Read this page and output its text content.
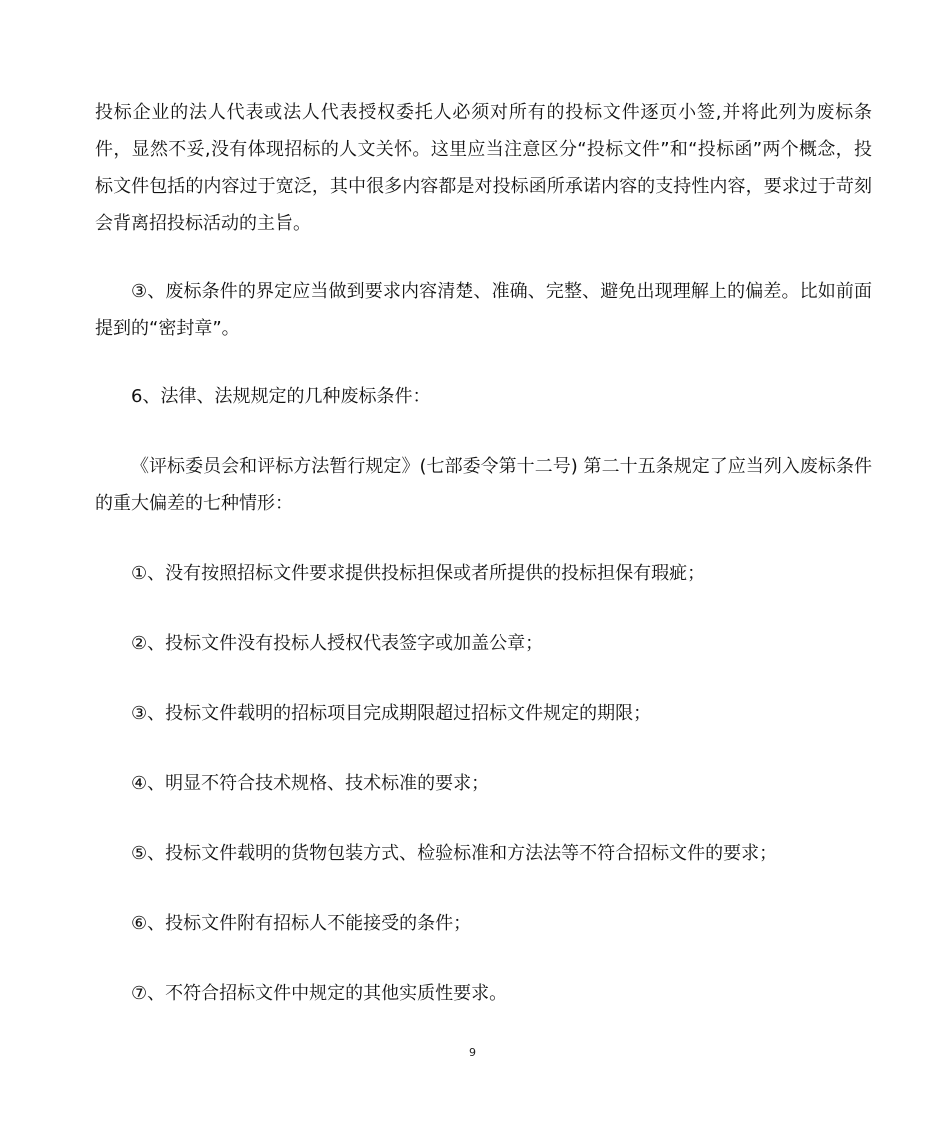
投标企业的法人代表或法人代表授权委托人必须对所有的投标文件逐页小签,并将此列为废标条件，显然不妥,没有体现招标的人文关怀。这里应当注意区分“投标文件”和“投标函”两个概念，投标文件包括的内容过于宽泛，其中很多内容都是对投标函所承诺内容的支持性内容，要求过于苛刻会背离招投标活动的主旨。

③、废标条件的界定应当做到要求内容清楚、准确、完整、避免出现理解上的偏差。比如前面提到的“密封章”。

6、法律、法规规定的几种废标条件：

《评标委员会和评标方法暂行规定》(七部委令第十二号) 第二十五条规定了应当列入废标条件的重大偏差的七种情形：

①、没有按照招标文件要求提供投标担保或者所提供的投标担保有瑕疵；

②、投标文件没有投标人授权代表签字或加盖公章；

③、投标文件载明的招标项目完成期限超过招标文件规定的期限；

④、明显不符合技术规格、技术标准的要求；

⑤、投标文件载明的货物包装方式、检验标准和方法法等不符合招标文件的要求；

⑥、投标文件附有招标人不能接受的条件；

⑦、不符合招标文件中规定的其他实质性要求。

9
